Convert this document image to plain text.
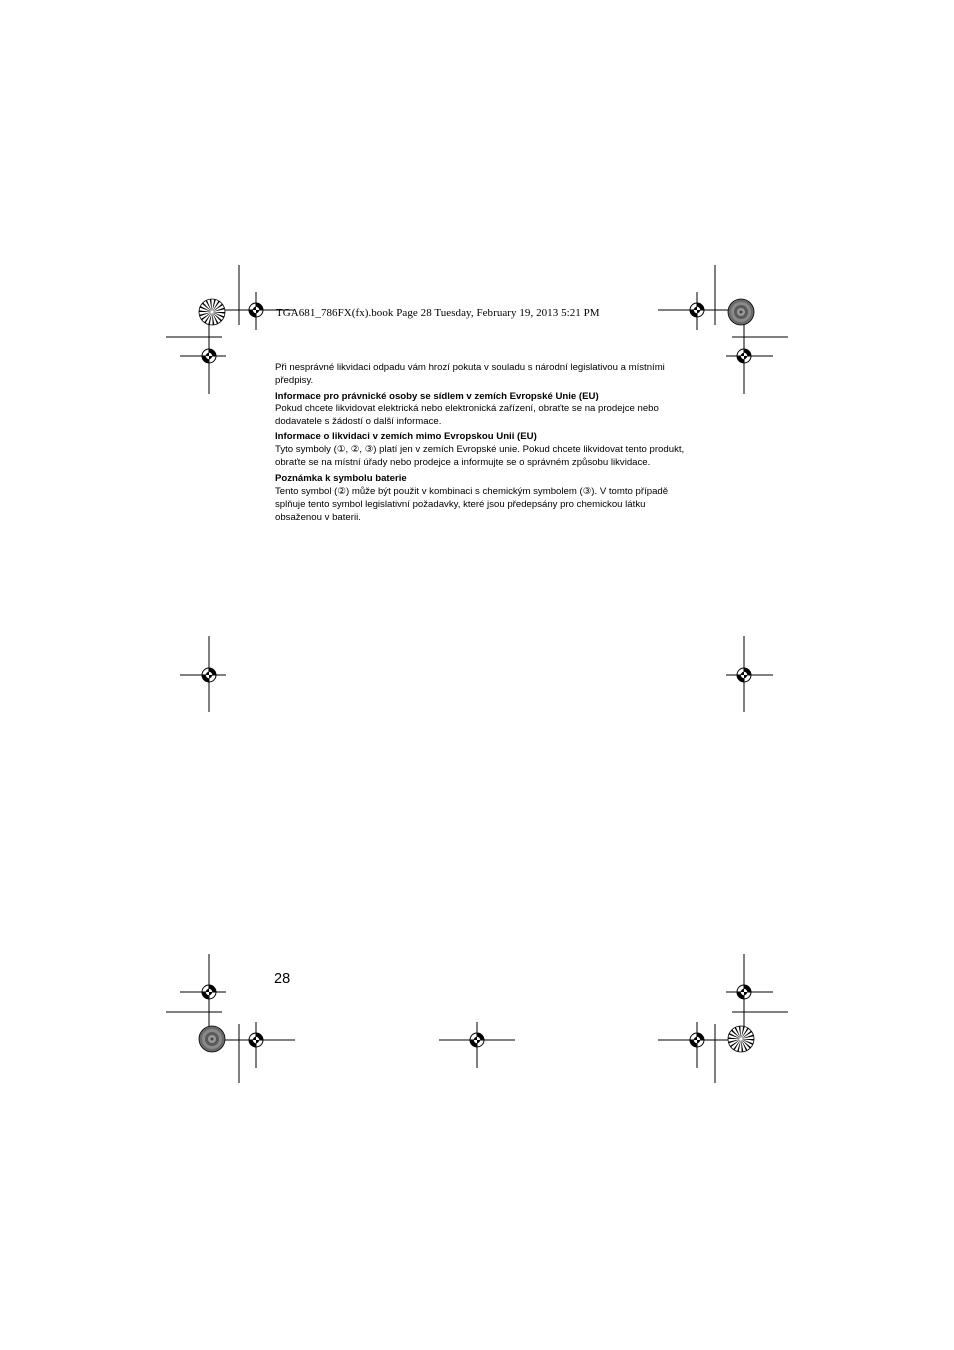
TGA681_786FX(fx).book Page 28 Tuesday, February 19, 2013 5:21 PM

Při nesprávné likvidaci odpadu vám hrozí pokuta v souladu s národní legislativou a místními předpisy.

Informace pro právnické osoby se sídlem v zemích Evropské Unie (EU)

Pokud chcete likvidovat elektrická nebo elektronická zařízení, obraťte se na prodejce nebo dodavatele s žádostí o další informace.

Informace o likvidaci v zemích mimo Evropskou Unii (EU)

Tyto symboly (①, ②, ③) platí jen v zemích Evropské unie. Pokud chcete likvidovat tento produkt, obraťte se na místní úřady nebo prodejce a informujte se o správném způsobu likvidace.

Poznámka k symbolu baterie

Tento symbol (②) může být použit v kombinaci s chemickým symbolem (③). V tomto případě splňuje tento symbol legislativní požadavky, které jsou předepsány pro chemickou látku obsaženou v baterii.

28
